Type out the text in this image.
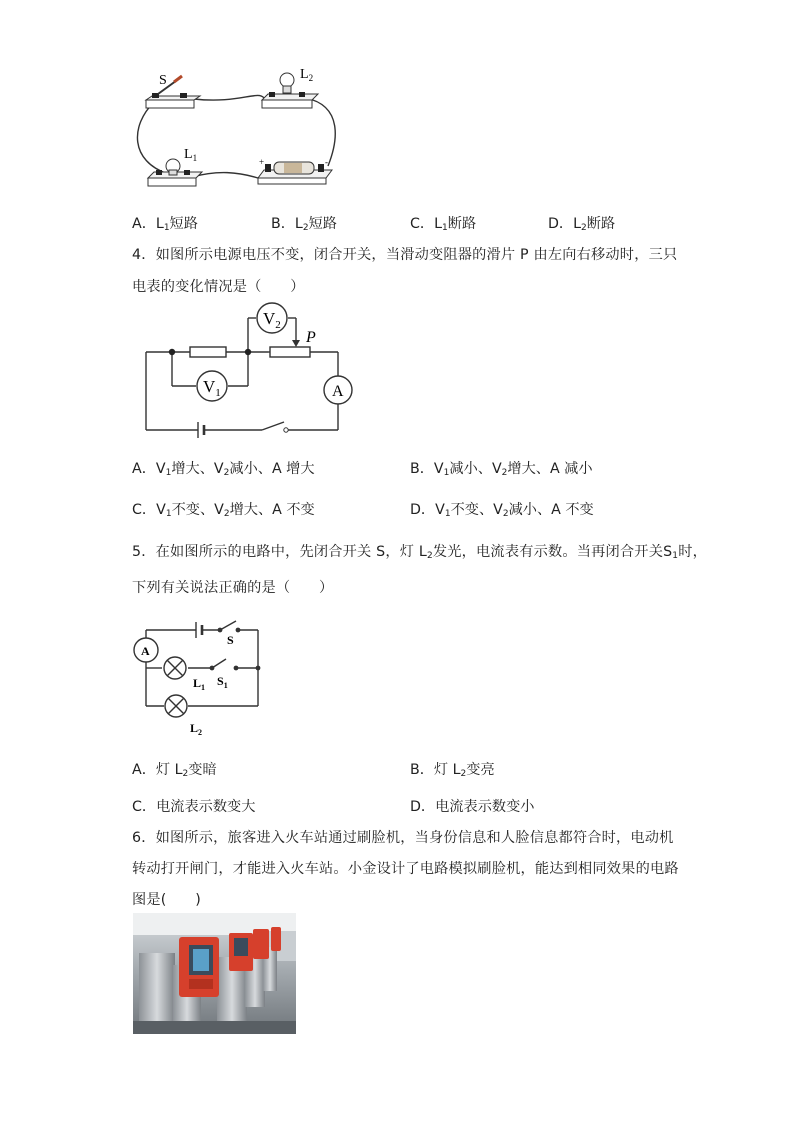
S	$L_2$
$L_1$	+	-
A．$L_1$短路	B．$L_2$短路	C．$L_1$断路	D．$L_2$断路
4．如图所示电源电压不变，闭合开关，当滑动变阻器的滑片 P 由左向右移动时，三只
电表的变化情况是（　　）
$V_1$
$V_2$
A
P
A．$V_1$增大、$V_2$减小、A 增大	B．$V_1$减小、$V_2$增大、A 减小
C．$V_1$不变、$V_2$增大、A 不变	D．$V_1$不变、$V_2$减小、A 不变
5．在如图所示的电路中，先闭合开关 S，灯 $L_2$发光，电流表有示数。当再闭合开关$S_1$时，
下列有关说法正确的是（　　）
A
S
$L_1$ $S_1$
$L_2$
A．灯 $L_2$变暗	B．灯 $L_2$变亮
C．电流表示数变大	D．电流表示数变小
6．如图所示，旅客进入火车站通过刷脸机，当身份信息和人脸信息都符合时，电动机
转动打开闸门，才能进入火车站。小金设计了电路模拟刷脸机，能达到相同效果的电路
图是(　　)
